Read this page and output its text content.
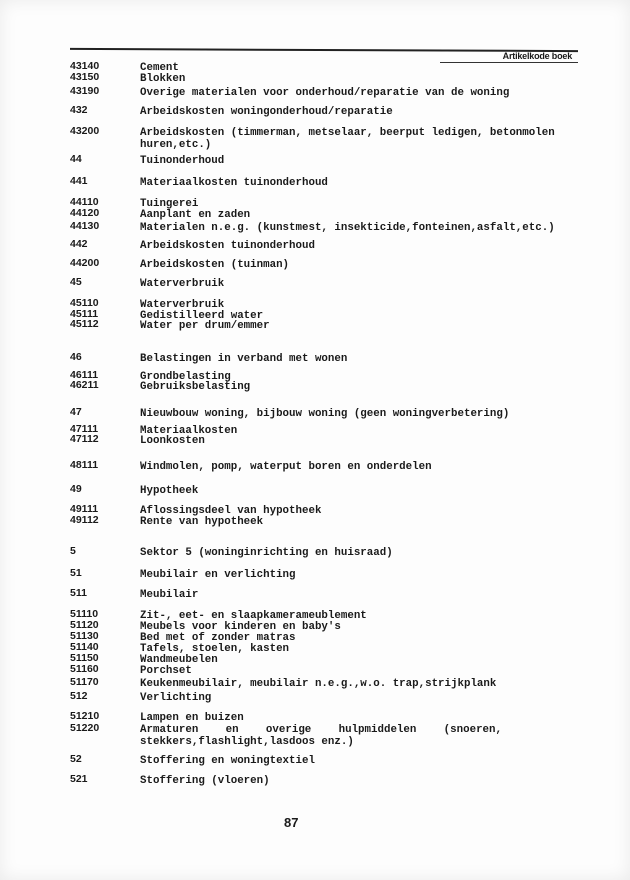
Artikelkode boek
43140	Cement
43150	Blokken
43190	Overige materialen voor onderhoud/reparatie van de woning
432	Arbeidskosten woningonderhoud/reparatie
43200	Arbeidskosten (timmerman, metselaar, beerput ledigen, betonmolen
huren,etc.)
44	Tuinonderhoud
441	Materiaalkosten tuinonderhoud
44110	Tuingerei
44120	Aanplant en zaden
44130	Materialen n.e.g. (kunstmest, insekticide,fonteinen,asfalt,etc.)
442	Arbeidskosten tuinonderhoud
44200	Arbeidskosten (tuinman)
45	Waterverbruik
45110	Waterverbruik
45111	Gedistilleerd water
45112	Water per drum/emmer
46	Belastingen in verband met wonen
46111	Grondbelasting
46211	Gebruiksbelasting
47	Nieuwbouw woning, bijbouw woning (geen woningverbetering)
47111	Materiaalkosten
47112	Loonkosten
48111	Windmolen, pomp, waterput boren en onderdelen
49	Hypotheek
49111	Aflossingsdeel van hypotheek
49112	Rente van hypotheek
5	Sektor 5 (woninginrichting en huisraad)
51	Meubilair en verlichting
511	Meubilair
51110	Zit-, eet- en slaapkamerameublement
51120	Meubels voor kinderen en baby's
51130	Bed met of zonder matras
51140	Tafels, stoelen, kasten
51150	Wandmeubelen
51160	Porchset
51170	Keukenmeubilair, meubilair n.e.g.,w.o. trap,strijkplank
512	Verlichting
51210	Lampen en buizen
51220	Armaturen en overige hulpmiddelen (snoeren,
stekkers,flashlight,lasdoos enz.)
52	Stoffering en woningtextiel
521	Stoffering (vloeren)
87
